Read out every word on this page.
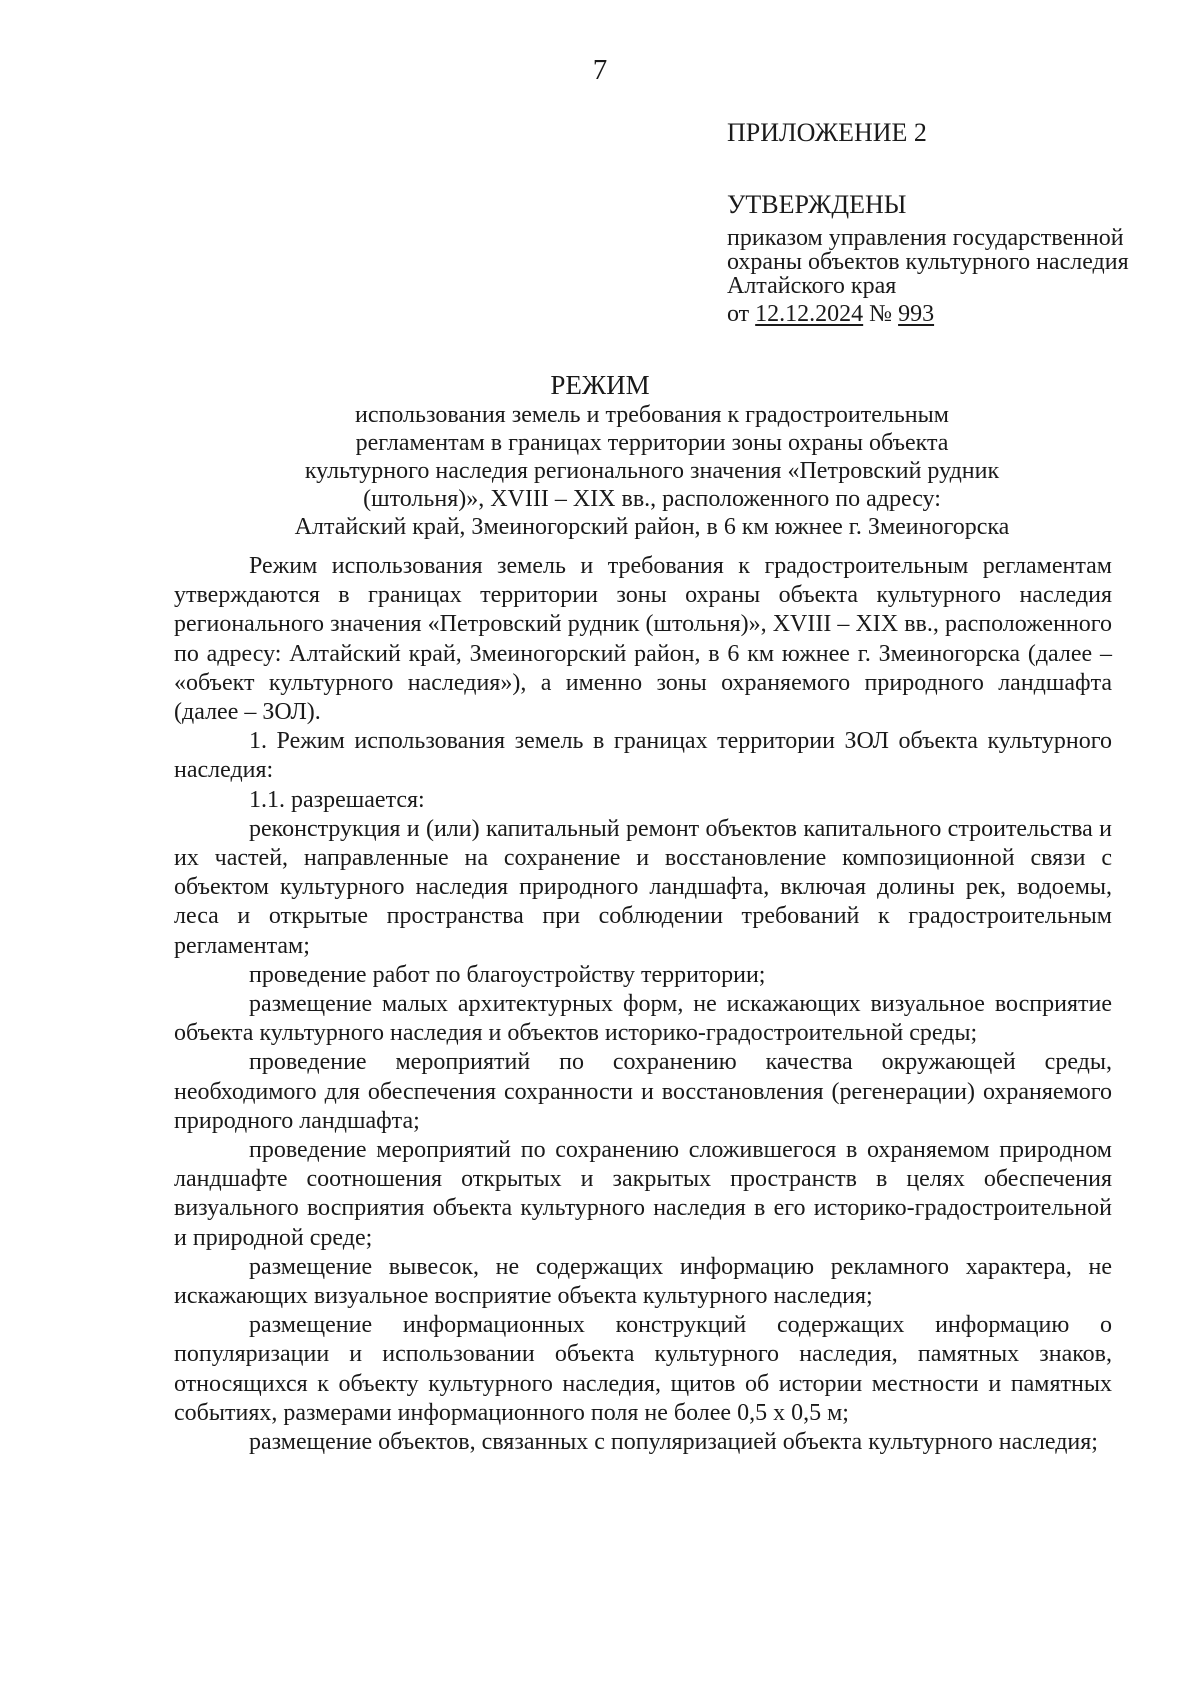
7

ПРИЛОЖЕНИЕ 2

УТВЕРЖДЕНЫ

приказом управления государственной охраны объектов культурного наследия Алтайского края

от 12.12.2024 № 993

РЕЖИМ
использования земель и требования к градостроительным
регламентам в границах территории зоны охраны объекта
культурного наследия регионального значения «Петровский рудник
(штольня)», XVIII – XIX вв., расположенного по адресу:
Алтайский край, Змеиногорский район, в 6 км южнее г. Змеиногорска

Режим использования земель и требования к градостроительным регламентам утверждаются в границах территории зоны охраны объекта культурного наследия регионального значения «Петровский рудник (штольня)», XVIII – XIX вв., расположенного по адресу: Алтайский край, Змеиногорский район, в 6 км южнее г. Змеиногорска (далее – «объект культурного наследия»), а именно зоны охраняемого природного ландшафта (далее – ЗОЛ).

1. Режим использования земель в границах территории ЗОЛ объекта культурного наследия:

1.1. разрешается:

реконструкция и (или) капитальный ремонт объектов капитального строительства и их частей, направленные на сохранение и восстановление композиционной связи с объектом культурного наследия природного ландшафта, включая долины рек, водоемы, леса и открытые пространства при соблюдении требований к градостроительным регламентам;

проведение работ по благоустройству территории;

размещение малых архитектурных форм, не искажающих визуальное восприятие объекта культурного наследия и объектов историко-градостроительной среды;

проведение мероприятий по сохранению качества окружающей среды, необходимого для обеспечения сохранности и восстановления (регенерации) охраняемого природного ландшафта;

проведение мероприятий по сохранению сложившегося в охраняемом природном ландшафте соотношения открытых и закрытых пространств в целях обеспечения визуального восприятия объекта культурного наследия в его историко-градостроительной и природной среде;

размещение вывесок, не содержащих информацию рекламного характера, не искажающих визуальное восприятие объекта культурного наследия;

размещение информационных конструкций содержащих информацию о популяризации и использовании объекта культурного наследия, памятных знаков, относящихся к объекту культурного наследия, щитов об истории местности и памятных событиях, размерами информационного поля не более 0,5 х 0,5 м;

размещение объектов, связанных с популяризацией объекта культурного наследия;
